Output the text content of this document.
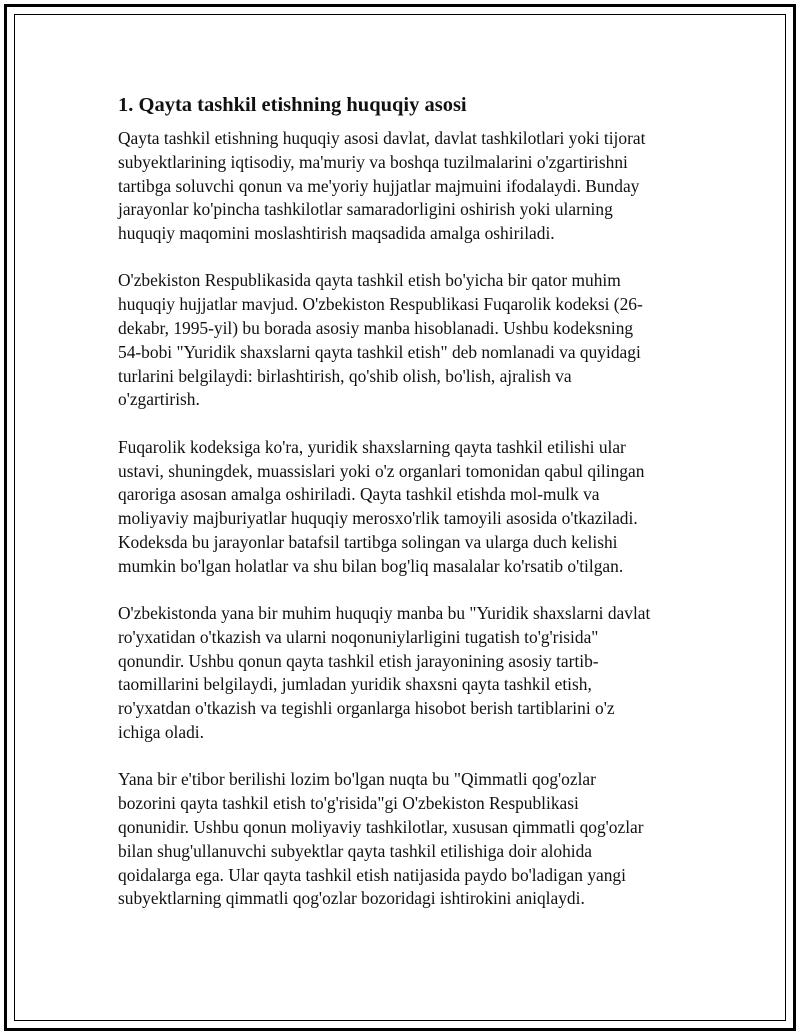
1. Qayta tashkil etishning huquqiy asosi

Qayta tashkil etishning huquqiy asosi davlat, davlat tashkilotlari yoki tijorat
subyektlarining iqtisodiy, ma'muriy va boshqa tuzilmalarini o'zgartirishni
tartibga soluvchi qonun va me'yoriy hujjatlar majmuini ifodalaydi. Bunday
jarayonlar ko'pincha tashkilotlar samaradorligini oshirish yoki ularning
huquqiy maqomini moslashtirish maqsadida amalga oshiriladi.

O'zbekiston Respublikasida qayta tashkil etish bo'yicha bir qator muhim
huquqiy hujjatlar mavjud. O'zbekiston Respublikasi Fuqarolik kodeksi (26-
dekabr, 1995-yil) bu borada asosiy manba hisoblanadi. Ushbu kodeksning
54-bobi "Yuridik shaxslarni qayta tashkil etish" deb nomlanadi va quyidagi
turlarini belgilaydi: birlashtirish, qo'shib olish, bo'lish, ajralish va
o'zgartirish.

Fuqarolik kodeksiga ko'ra, yuridik shaxslarning qayta tashkil etilishi ular
ustavi, shuningdek, muassislari yoki o'z organlari tomonidan qabul qilingan
qaroriga asosan amalga oshiriladi. Qayta tashkil etishda mol-mulk va
moliyaviy majburiyatlar huquqiy merosxo'rlik tamoyili asosida o'tkaziladi.
Kodeksda bu jarayonlar batafsil tartibga solingan va ularga duch kelishi
mumkin bo'lgan holatlar va shu bilan bog'liq masalalar ko'rsatib o'tilgan.

O'zbekistonda yana bir muhim huquqiy manba bu "Yuridik shaxslarni davlat
ro'yxatidan o'tkazish va ularni noqonuniylarligini tugatish to'g'risida"
qonundir. Ushbu qonun qayta tashkil etish jarayonining asosiy tartib-
taomillarini belgilaydi, jumladan yuridik shaxsni qayta tashkil etish,
ro'yxatdan o'tkazish va tegishli organlarga hisobot berish tartiblarini o'z
ichiga oladi.

Yana bir e'tibor berilishi lozim bo'lgan nuqta bu "Qimmatli qog'ozlar
bozorini qayta tashkil etish to'g'risida"gi O'zbekiston Respublikasi
qonunidir. Ushbu qonun moliyaviy tashkilotlar, xususan qimmatli qog'ozlar
bilan shug'ullanuvchi subyektlar qayta tashkil etilishiga doir alohida
qoidalarga ega. Ular qayta tashkil etish natijasida paydo bo'ladigan yangi
subyektlarning qimmatli qog'ozlar bozoridagi ishtirokini aniqlaydi.
